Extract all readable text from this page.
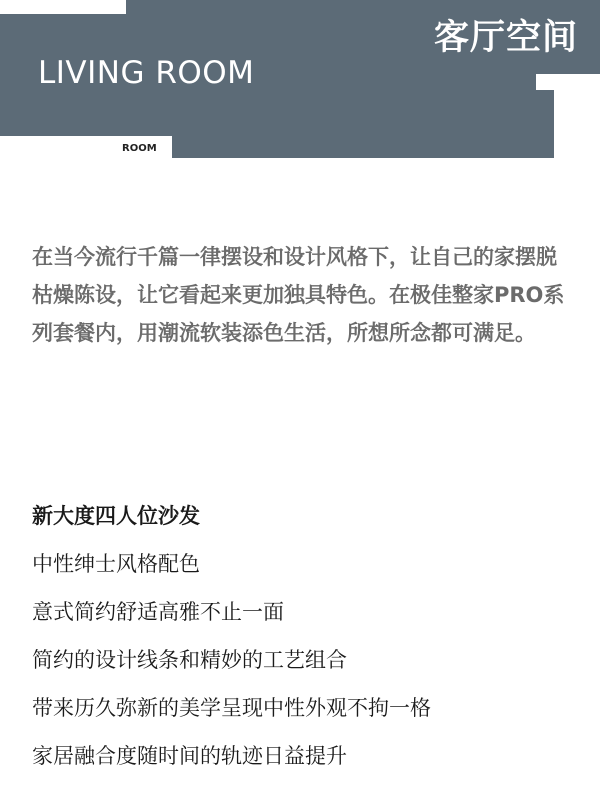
客厅空间
LIVING ROOM
ROOM

在当今流行千篇一律摆设和设计风格下，让自己的家摆脱枯燥陈设，让它看起来更加独具特色。在极佳整家PRO系列套餐内，用潮流软装添色生活，所想所念都可满足。

新大度四人位沙发
中性绅士风格配色
意式简约舒适高雅不止一面
简约的设计线条和精妙的工艺组合
带来历久弥新的美学呈现中性外观不拘一格
家居融合度随时间的轨迹日益提升
